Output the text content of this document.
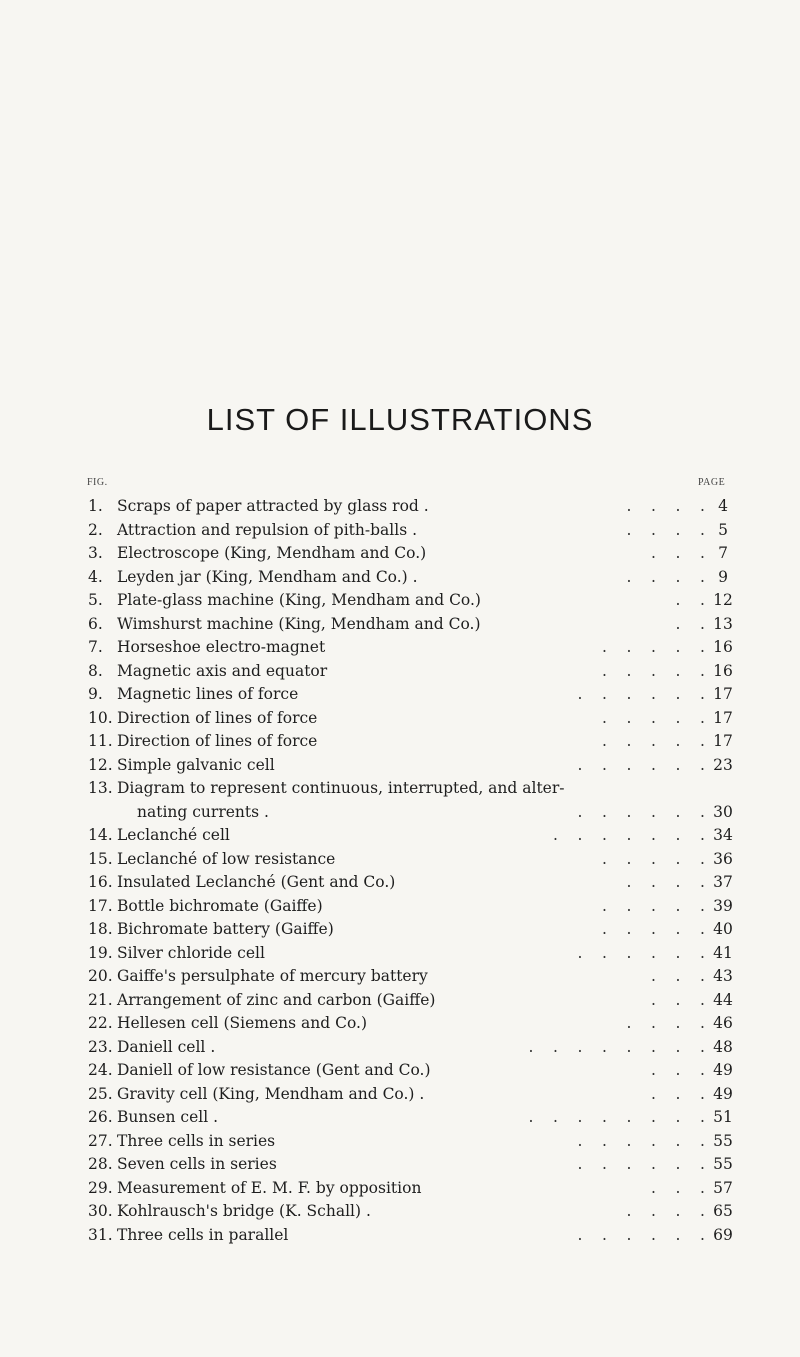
LIST OF ILLUSTRATIONS
FIG.	PAGE
1. Scraps of paper attracted by glass rod .	. . . . 4
2. Attraction and repulsion of pith-balls .	. . . . 5
3. Electroscope (King, Mendham and Co.)	. . . 7
4. Leyden jar (King, Mendham and Co.) .	. . . . 9
5. Plate-glass machine (King, Mendham and Co.)	. . 12
6. Wimshurst machine (King, Mendham and Co.)	. . 13
7. Horseshoe electro-magnet	. . . . . 16
8. Magnetic axis and equator	. . . . . 16
9. Magnetic lines of force	. . . . . . 17
10. Direction of lines of force	. . . . . 17
11. Direction of lines of force	. . . . . 17
12. Simple galvanic cell	. . . . . . 23
13. Diagram to represent continuous, interrupted, and alter-
nating currents .	. . . . . . 30
14. Leclanché cell	. . . . . . . 34
15. Leclanché of low resistance	. . . . . 36
16. Insulated Leclanché (Gent and Co.)	. . . . 37
17. Bottle bichromate (Gaiffe)	. . . . . 39
18. Bichromate battery (Gaiffe)	. . . . . 40
19. Silver chloride cell	. . . . . . 41
20. Gaiffe's persulphate of mercury battery	. . . 43
21. Arrangement of zinc and carbon (Gaiffe)	. . . 44
22. Hellesen cell (Siemens and Co.)	. . . . 46
23. Daniell cell .	. . . . . . . . 48
24. Daniell of low resistance (Gent and Co.)	. . . 49
25. Gravity cell (King, Mendham and Co.) .	. . . 49
26. Bunsen cell .	. . . . . . . . 51
27. Three cells in series	. . . . . . 55
28. Seven cells in series	. . . . . . 55
29. Measurement of E. M. F. by opposition	. . . 57
30. Kohlrausch's bridge (K. Schall) .	. . . . 65
31. Three cells in parallel	. . . . . . 69
